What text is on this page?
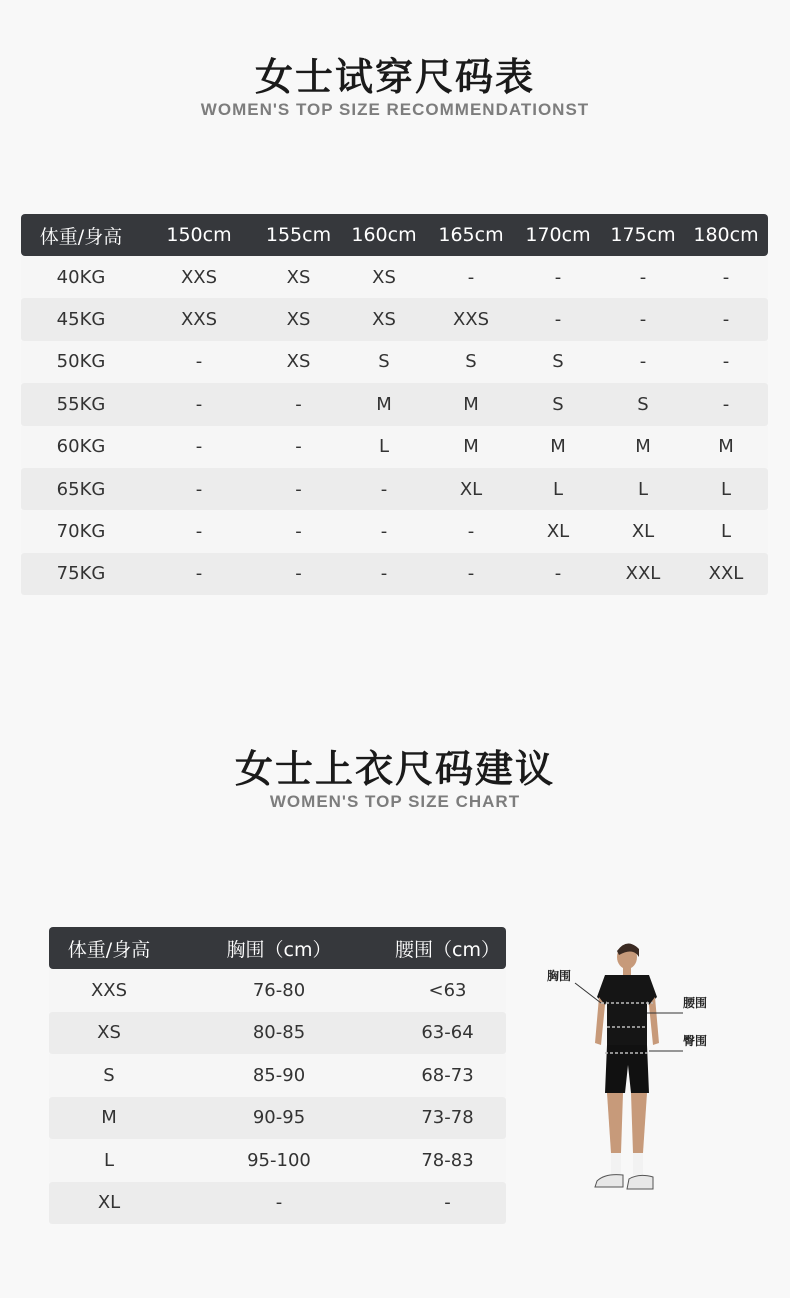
女士试穿尺码表
WOMEN'S TOP SIZE RECOMMENDATIONST
体重/身高	150cm	155cm	160cm	165cm	170cm	175cm 180cm
40KG	XXS	XS	XS	-	-	-	-
45KG	XXS	XS	XS	XXS	-	-	-
50KG	-	XS	S	S	S	-	-
55KG	-	-	M	M	S	S	-
60KG	-	-	L	M	M	M	M
65KG	-	-	-	XL	L	L	L
70KG	-	-	-	-	XL	XL	L
75KG	-	-	-	-	-	XXL	XXL
女士上衣尺码建议
WOMEN'S TOP SIZE CHART
体重/身高	胸围（cm）	腰围（cm）
XXS	76-80	<63
XS	80-85	63-64
S	85-90	68-73
M	90-95	73-78
L	95-100	78-83
XL	-	-
胸围
腰围
臀围
